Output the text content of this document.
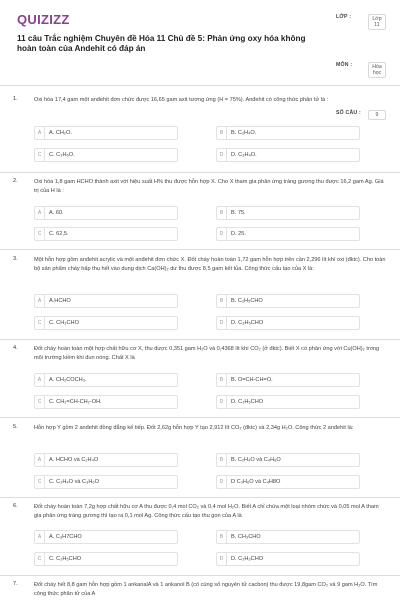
QUIZIZZ
11 câu Trắc nghiệm Chuyên đề Hóa 11 Chủ đề 5: Phản ứng oxy hóa không hoàn toàn của Andehit có đáp án
LỚP :	Lớp 11
MÔN :	Hóa học
SỐ CÂU :	9
1.	Oxi hóa 17,4 gam một anđehit đơn chức được 16,65 gam axit tương ứng (H = 75%). Anđehit có công thức phân tử là :
A	A. CH₂O.	B	B. C₂H₄O.
C	C. C₃H₆O.	D	D. C₃H₄O.
2.	Oxi hóa 1,8 gam HCHO thành axit với hiệu suất H% thu được hỗn hợp X. Cho X tham gia phản ứng tráng gương thu được 16,2 gam Ag. Giá trị của H là :
A	A. 60.	B	B. 75.
C	C. 62,5.	D	D. 25.
3.	Một hỗn hợp gồm anđehit acrylic và một anđehit đơn chức X. Đốt cháy hoàn toàn 1,72 gam hỗn hợp trên cần 2,296 lít khí oxi (đktc). Cho toàn bộ sản phẩm cháy hấp thụ hết vào dung dịch Ca(OH)₂ dư thu được 8,5 gam kết tủa. Công thức cấu tạo của X là:
A	A.HCHO	B	B. C₂H₅CHO
C	C. CH₃CHO	D	D. C₃H₅CHO
4.	Đốt cháy hoàn toàn một hợp chất hữu cơ X, thu được 0,351 gam H₂O và 0,4368 lít khí CO₂ (ở đktc). Biết X có phản ứng với Cu(OH)₂ trong môi trường kiềm khi đun nóng. Chất X là
A	A. CH₃COCH₃.	B	B. O=CH-CH=O.
C	C. CH₂=CH-CH₂-OH.	D	D. C₂H₅CHO
5.	Hỗn hợp Y gồm 2 anđehit đồng đẳng kế tiếp. Đốt 2,62g hỗn hợp Y tạo 2,912 lít CO₂ (đktc) và 2,34g H₂O. Công thức 2 anđehit là:
A	A. HCHO và C₂H₄O	B	B. C₂H₄O và C₄H₈O
C	C. C₂H₄O và C₃H₆O	D	D C₃H₆O và C₄H8O
6.	Đốt cháy hoàn toàn 7,2g hợp chất hữu cơ A thu được 0,4 mol CO₂ và 0,4 mol H₂O. Biết A chỉ chứa một loại nhóm chức và 0,05 mol A tham gia phản ứng tráng gương thì tạo ra 0,1 mol Ag. Công thức cấu tạo thu gọn của A là
A	A. C₃H7CHO	B	B. CH₃CHO
C	C. C₂H₅CHO	D	D. C₂H₃CHO
7.	Đốt cháy hết 8,8 gam hỗn hợp gồm 1 ankanalA và 1 ankanol B (có cùng số nguyên tử cacbon) thu được 19,8gam CO₂ và 9 gam H₂O. Tìm công thức phân tử của A
